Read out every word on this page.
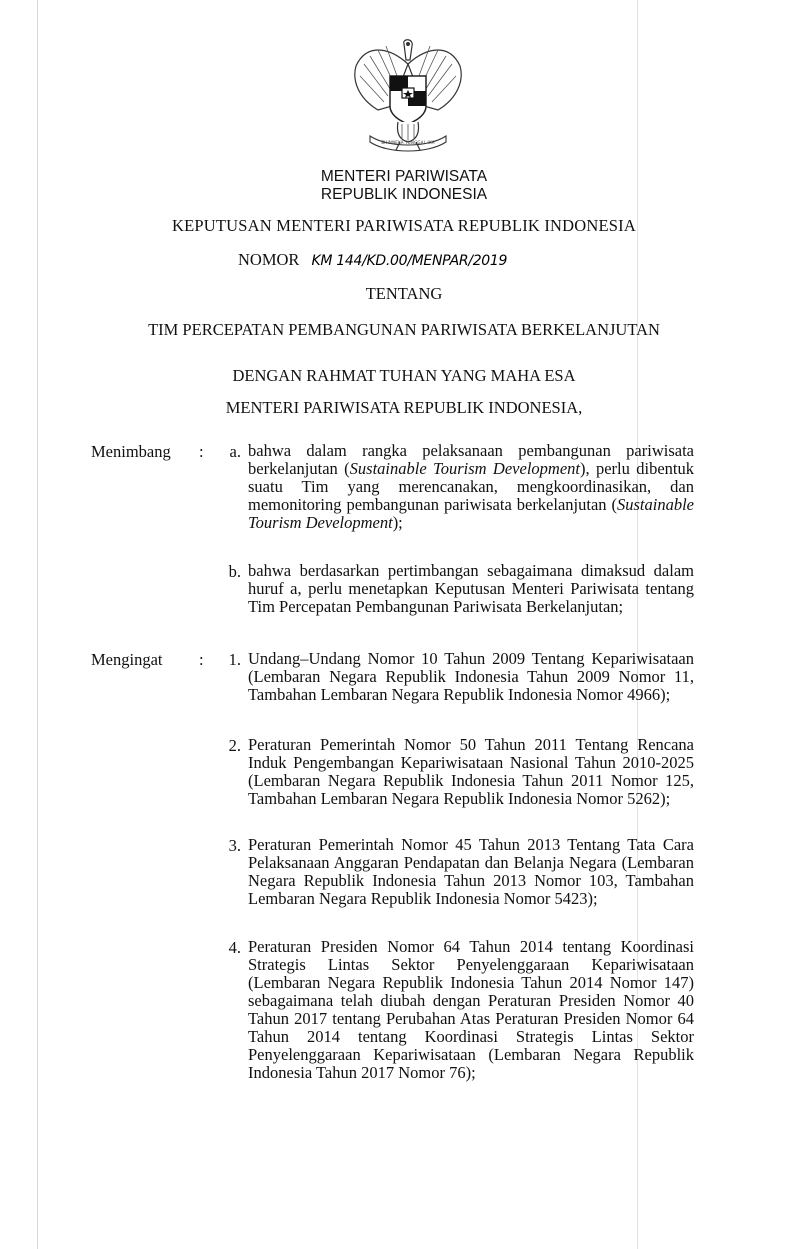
BHINNEKA TUNGGAL IKA
MENTERI PARIWISATA
REPUBLIK INDONESIA
KEPUTUSAN MENTERI PARIWISATA REPUBLIK INDONESIA
NOMOR KM 144/KD.00/MENPAR/2019
TENTANG
TIM PERCEPATAN PEMBANGUNAN PARIWISATA BERKELANJUTAN
DENGAN RAHMAT TUHAN YANG MAHA ESA
MENTERI PARIWISATA REPUBLIK INDONESIA,
Menimbang :	a. bahwa dalam rangka pelaksanaan pembangunan pariwisata berkelanjutan (Sustainable Tourism Development), perlu dibentuk suatu Tim yang merencanakan, mengkoordinasikan, dan memonitoring pembangunan pariwisata berkelanjutan (Sustainable Tourism Development);
b. bahwa berdasarkan pertimbangan sebagaimana dimaksud dalam huruf a, perlu menetapkan Keputusan Menteri Pariwisata tentang Tim Percepatan Pembangunan Pariwisata Berkelanjutan;
Mengingat :	1. Undang–Undang Nomor 10 Tahun 2009 Tentang Kepariwisataan (Lembaran Negara Republik Indonesia Tahun 2009 Nomor 11, Tambahan Lembaran Negara Republik Indonesia Nomor 4966);
2. Peraturan Pemerintah Nomor 50 Tahun 2011 Tentang Rencana Induk Pengembangan Kepariwisataan Nasional Tahun 2010-2025 (Lembaran Negara Republik Indonesia Tahun 2011 Nomor 125, Tambahan Lembaran Negara Republik Indonesia Nomor 5262);
3. Peraturan Pemerintah Nomor 45 Tahun 2013 Tentang Tata Cara Pelaksanaan Anggaran Pendapatan dan Belanja Negara (Lembaran Negara Republik Indonesia Tahun 2013 Nomor 103, Tambahan Lembaran Negara Republik Indonesia Nomor 5423);
4. Peraturan Presiden Nomor 64 Tahun 2014 tentang Koordinasi Strategis Lintas Sektor Penyelenggaraan Kepariwisataan (Lembaran Negara Republik Indonesia Tahun 2014 Nomor 147) sebagaimana telah diubah dengan Peraturan Presiden Nomor 40 Tahun 2017 tentang Perubahan Atas Peraturan Presiden Nomor 64 Tahun 2014 tentang Koordinasi Strategis Lintas Sektor Penyelenggaraan Kepariwisataan (Lembaran Negara Republik Indonesia Tahun 2017 Nomor 76);
